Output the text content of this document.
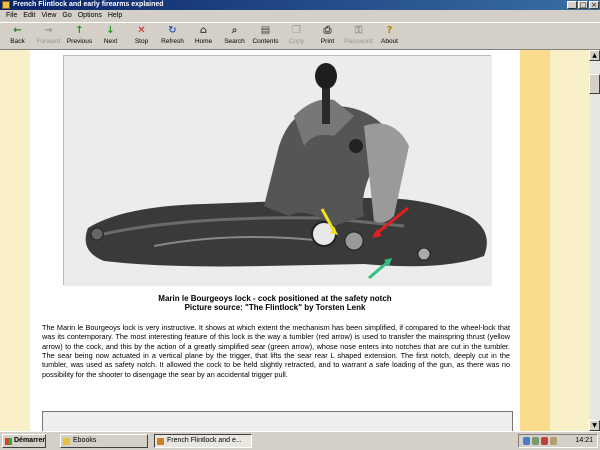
French Flintlock and early firearms explained	_ □ ×
File Edit View Go Options Help
←
Back
→
Forward
↑
Previous
↓
Next
✕
Stop
↻
Refresh
⌂
Home
⌕
Search
▤
Contents
❐
Copy
⎙
Print
⚿
Password
?
About
Marin le Bourgeoys lock - cock positioned at the safety notch
Picture source: "The Flintlock" by Torsten Lenk
The Marin le Bourgeoys lock is very instructive. It shows at which extent the mechanism has been simplified, if compared to the wheel-lock that was its contemporary. The most interesting feature of this lock is the way a tumbler (red arrow) is used to transfer the mainspring thrust (yellow arrow) to the cock, and this by the action of a greatly simplified sear (green arrow), whose nose enters into notches that are cut in the tumbler. The sear being now actuated in a vertical plane by the trigger, that lifts the sear rear L shaped extension. The first notch, deeply cut in the tumbler, was used as safety notch. It allowed the cock to be held slightly retracted, and to warrant a safe loading of the gun, as there was no possibility for the shooter to disengage the sear by an accidental trigger pull.
▲
▼
Démarrer	Ebooks	French Flintlock and e...	14:21
